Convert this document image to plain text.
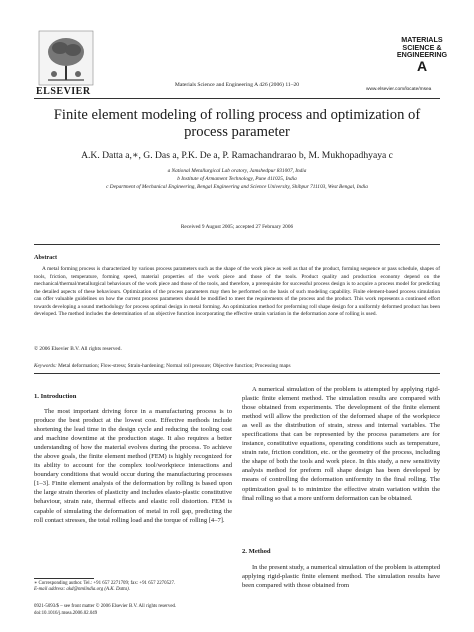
ELSEVIER
Materials Science and Engineering A 426 (2006) 11–20
MATERIALS
SCIENCE &
ENGINEERING
A
www.elsevier.com/locate/msea
Finite element modeling of rolling process and optimization of process parameter
A.K. Datta a,∗, G. Das a, P.K. De a, P. Ramachandrarao b, M. Mukhopadhyaya c
a National Metallurgical Lab oratory, Jamshedpur 831007, India
b Institute of Armament Technology, Pune 411025, India
c Department of Mechanical Engineering, Bengal Engineering and Science University, Shibpur 711103, West Bengal, India
Received 9 August 2005; accepted 27 February 2006
Abstract
A metal forming process is characterized by various process parameters such as the shape of the work piece as well as that of the product, forming sequence or pass schedule, shapes of tools, friction, temperature, forming speed, material properties of the work piece and those of the tools. Product quality and production economy depend on the mechanical/thermal/metallurgical behaviours of the work piece and those of the tools, and therefore, a prerequisite for successful process design is to acquire a process model for predicting the detailed aspects of these behaviours. Optimization of the process parameters may then be performed on the basis of such modeling capability. Finite element-based process simulation can offer valuable guidelines on how the current process parameters should be modified to meet the requirements of the process and the product. This work represents a continued effort towards developing a sound methodology for process optimal design in metal forming. An optimization method for preforming roll shape design for a uniformly deformed product has been developed. The method includes the determination of an objective function incorporating the effective strain variation in the deformation zone of rolling is used.
© 2006 Elsevier B.V. All rights reserved.
Keywords: Metal deformation; Flow-stress; Strain-hardening; Normal roll pressure; Objective function; Processing maps
1. Introduction
The most important driving force in a manufacturing process is to produce the best product at the lowest cost. Effective methods include shortening the lead time in the design cycle and reducing the tooling cost and machine downtime at the production stage. It also requires a better understanding of how the material evolves during the process. To achieve the above goals, the finite element method (FEM) is highly recognized for its ability to account for the complex tool/workpiece interactions and boundary conditions that would occur during the manufacturing processes [1–3]. Finite element analysis of the deformation by rolling is based upon the large strain theories of plasticity and includes elasto-plastic constitutive behaviour, strain rate, thermal effects and elastic roll distortion. FEM is capable of simulating the deformation of metal in roll gap, predicting the roll contact stresses, the total rolling load and the torque of rolling [4–7].
∗ Corresponding author. Tel.: +91 657 2271709; fax: +91 657 2270527.
E-mail address: akd@nmlindia.org (A.K. Datta).
0921-5093/$ – see front matter © 2006 Elsevier B.V. All rights reserved.
doi:10.1016/j.msea.2006.02.049
A numerical simulation of the problem is attempted by applying rigid-plastic finite element method. The simulation results are compared with those obtained from experiments. The development of the finite element method will allow the prediction of the deformed shape of the workpiece as well as the distribution of strain, stress and internal variables. The specifications that can be represented by the process parameters are for instance, constitutive equations, operating conditions such as temperature, strain rate, friction condition, etc. or the geometry of the process, including the shape of both the tools and work piece. In this study, a new sensitivity analysis method for preform roll shape design has been developed by means of controlling the deformation uniformity in the final rolling. The optimization goal is to minimize the effective strain variation within the final rolling so that a more uniform deformation can be obtained.
2. Method
In the present study, a numerical simulation of the problem is attempted applying rigid-plastic finite element method. The simulation results have been compared with those obtained from
